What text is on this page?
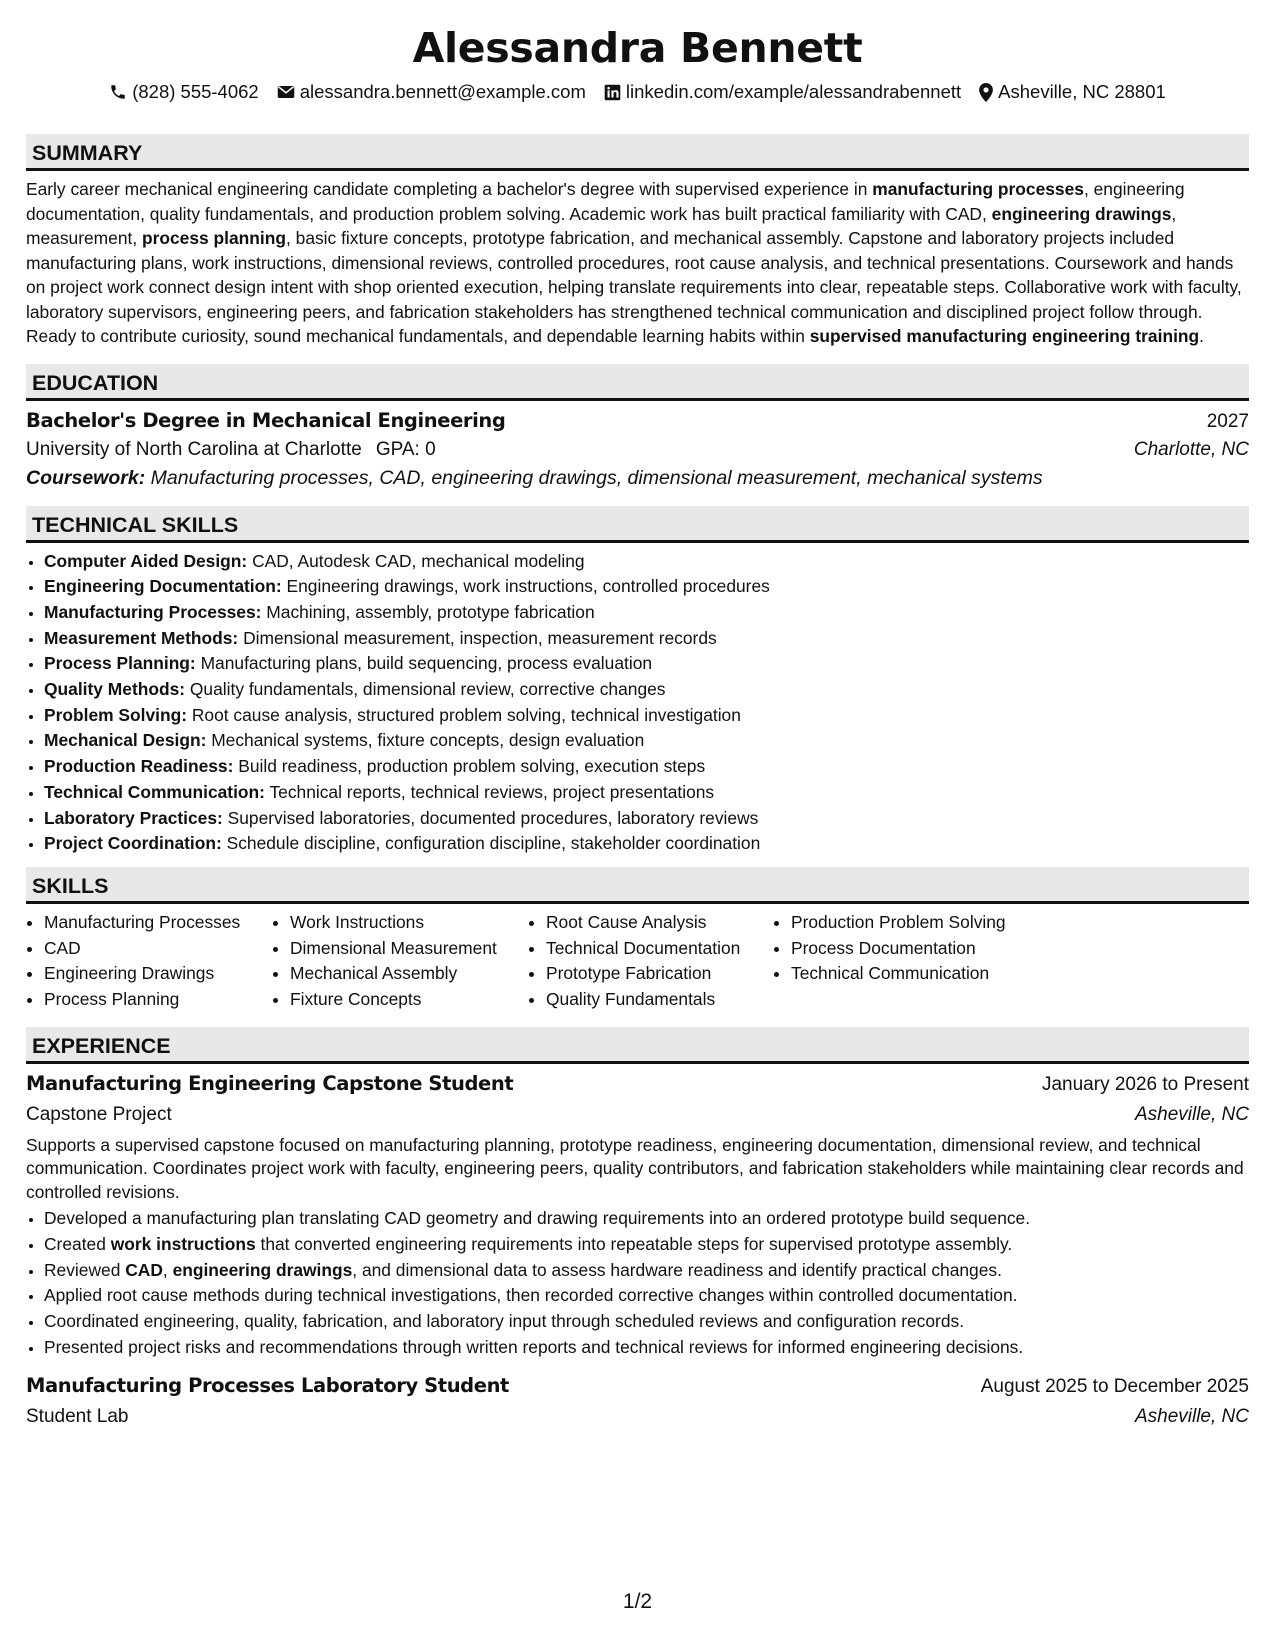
Alessandra Bennett
(828) 555-4062 alessandra.bennett@example.com linkedin.com/example/alessandrabennett Asheville, NC 28801
SUMMARY
Early career mechanical engineering candidate completing a bachelor's degree with supervised experience in manufacturing processes, engineering documentation, quality fundamentals, and production problem solving. Academic work has built practical familiarity with CAD, engineering drawings, measurement, process planning, basic fixture concepts, prototype fabrication, and mechanical assembly. Capstone and laboratory projects included manufacturing plans, work instructions, dimensional reviews, controlled procedures, root cause analysis, and technical presentations. Coursework and hands on project work connect design intent with shop oriented execution, helping translate requirements into clear, repeatable steps. Collaborative work with faculty, laboratory supervisors, engineering peers, and fabrication stakeholders has strengthened technical communication and disciplined project follow through. Ready to contribute curiosity, sound mechanical fundamentals, and dependable learning habits within supervised manufacturing engineering training.
EDUCATION
Bachelor's Degree in Mechanical Engineering	2027
University of North Carolina at Charlotte GPA: 0	Charlotte, NC
Coursework: Manufacturing processes, CAD, engineering drawings, dimensional measurement, mechanical systems
TECHNICAL SKILLS
• Computer Aided Design: CAD, Autodesk CAD, mechanical modeling
• Engineering Documentation: Engineering drawings, work instructions, controlled procedures
• Manufacturing Processes: Machining, assembly, prototype fabrication
• Measurement Methods: Dimensional measurement, inspection, measurement records
• Process Planning: Manufacturing plans, build sequencing, process evaluation
• Quality Methods: Quality fundamentals, dimensional review, corrective changes
• Problem Solving: Root cause analysis, structured problem solving, technical investigation
• Mechanical Design: Mechanical systems, fixture concepts, design evaluation
• Production Readiness: Build readiness, production problem solving, execution steps
• Technical Communication: Technical reports, technical reviews, project presentations
• Laboratory Practices: Supervised laboratories, documented procedures, laboratory reviews
• Project Coordination: Schedule discipline, configuration discipline, stakeholder coordination
SKILLS
• Manufacturing Processes
• CAD
• Engineering Drawings
• Process Planning
• Work Instructions
• Dimensional Measurement
• Mechanical Assembly
• Fixture Concepts
• Root Cause Analysis
• Technical Documentation
• Prototype Fabrication
• Quality Fundamentals
• Production Problem Solving
• Process Documentation
• Technical Communication
EXPERIENCE
Manufacturing Engineering Capstone Student	January 2026 to Present
Capstone Project	Asheville, NC
Supports a supervised capstone focused on manufacturing planning, prototype readiness, engineering documentation, dimensional review, and technical communication. Coordinates project work with faculty, engineering peers, quality contributors, and fabrication stakeholders while maintaining clear records and controlled revisions.
• Developed a manufacturing plan translating CAD geometry and drawing requirements into an ordered prototype build sequence.
• Created work instructions that converted engineering requirements into repeatable steps for supervised prototype assembly.
• Reviewed CAD, engineering drawings, and dimensional data to assess hardware readiness and identify practical changes.
• Applied root cause methods during technical investigations, then recorded corrective changes within controlled documentation.
• Coordinated engineering, quality, fabrication, and laboratory input through scheduled reviews and configuration records.
• Presented project risks and recommendations through written reports and technical reviews for informed engineering decisions.
Manufacturing Processes Laboratory Student	August 2025 to December 2025
Student Lab	Asheville, NC
1/2
